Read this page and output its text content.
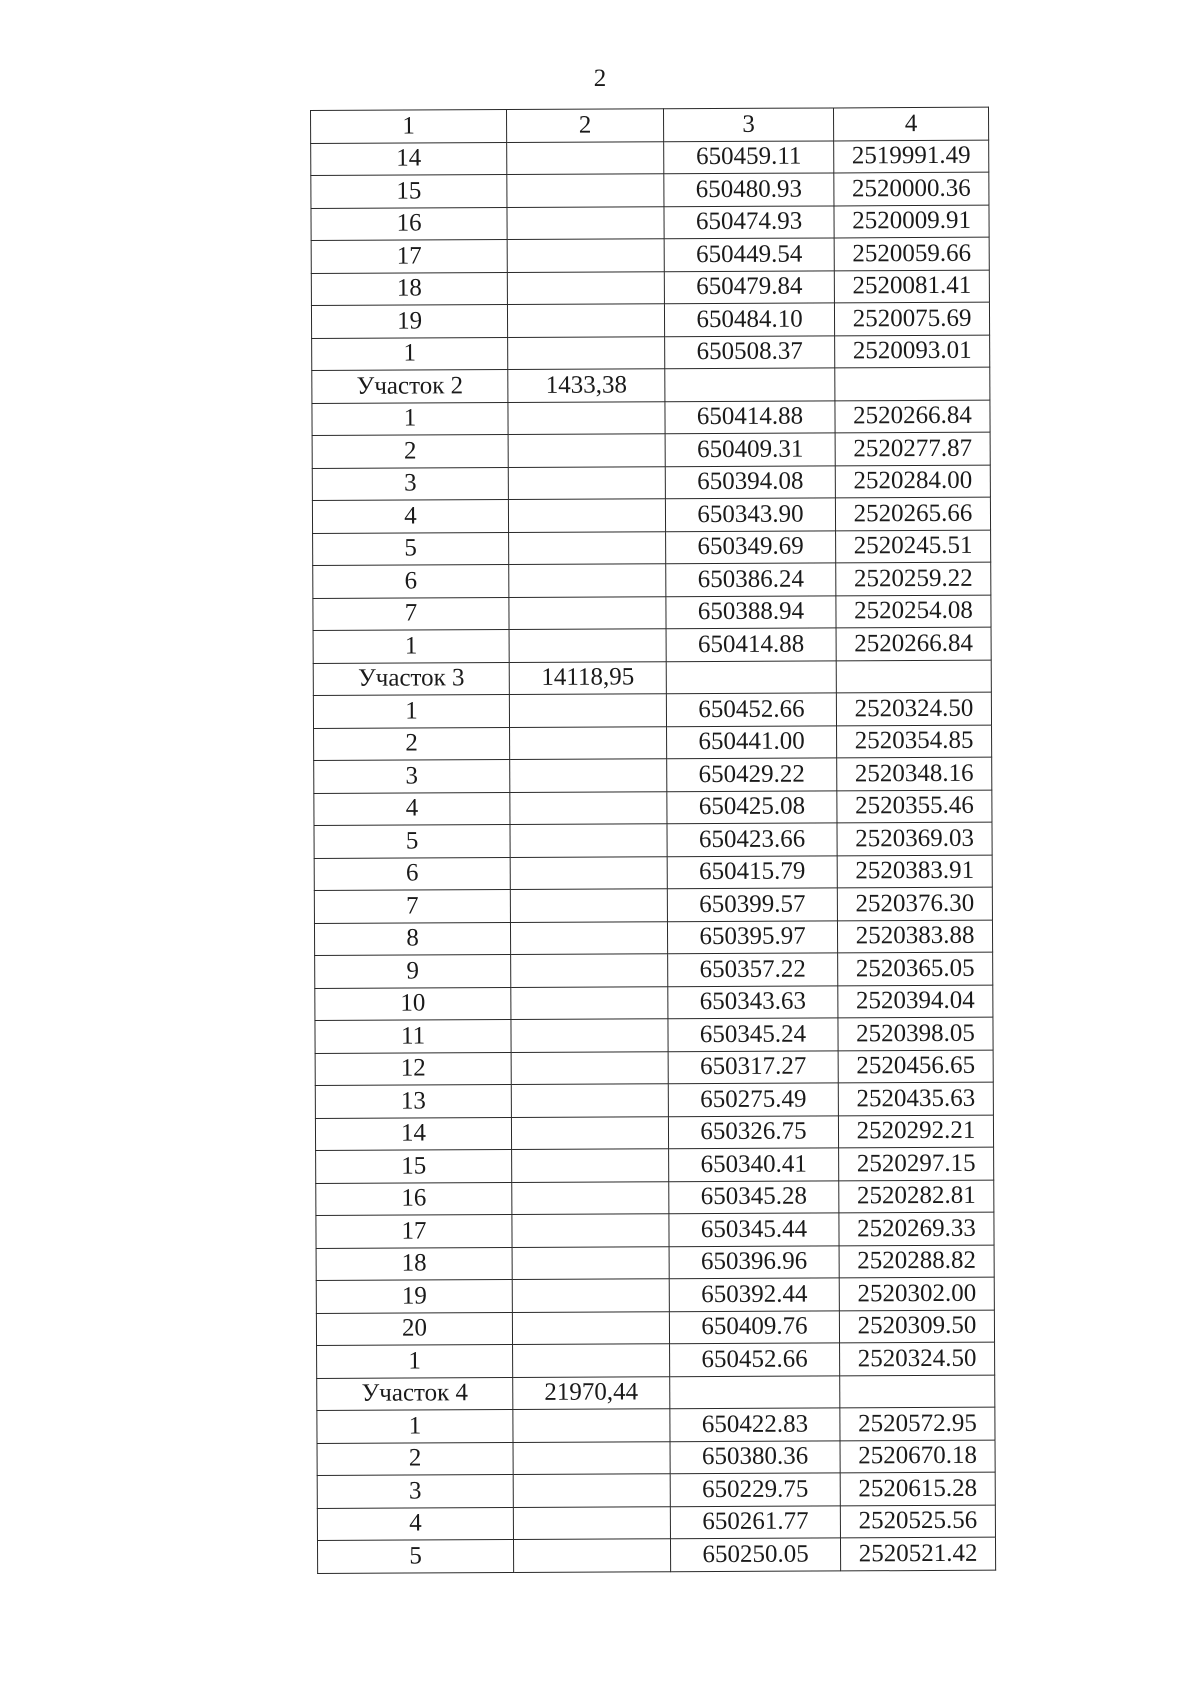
2
1	2	3	4
14		650459.11	2519991.49
15		650480.93	2520000.36
16		650474.93	2520009.91
17		650449.54	2520059.66
18		650479.84	2520081.41
19		650484.10	2520075.69
1		650508.37	2520093.01
Участок 2	1433,38		
1		650414.88	2520266.84
2		650409.31	2520277.87
3		650394.08	2520284.00
4		650343.90	2520265.66
5		650349.69	2520245.51
6		650386.24	2520259.22
7		650388.94	2520254.08
1		650414.88	2520266.84
Участок 3	14118,95		
1		650452.66	2520324.50
2		650441.00	2520354.85
3		650429.22	2520348.16
4		650425.08	2520355.46
5		650423.66	2520369.03
6		650415.79	2520383.91
7		650399.57	2520376.30
8		650395.97	2520383.88
9		650357.22	2520365.05
10		650343.63	2520394.04
11		650345.24	2520398.05
12		650317.27	2520456.65
13		650275.49	2520435.63
14		650326.75	2520292.21
15		650340.41	2520297.15
16		650345.28	2520282.81
17		650345.44	2520269.33
18		650396.96	2520288.82
19		650392.44	2520302.00
20		650409.76	2520309.50
1		650452.66	2520324.50
Участок 4	21970,44		
1		650422.83	2520572.95
2		650380.36	2520670.18
3		650229.75	2520615.28
4		650261.77	2520525.56
5		650250.05	2520521.42
